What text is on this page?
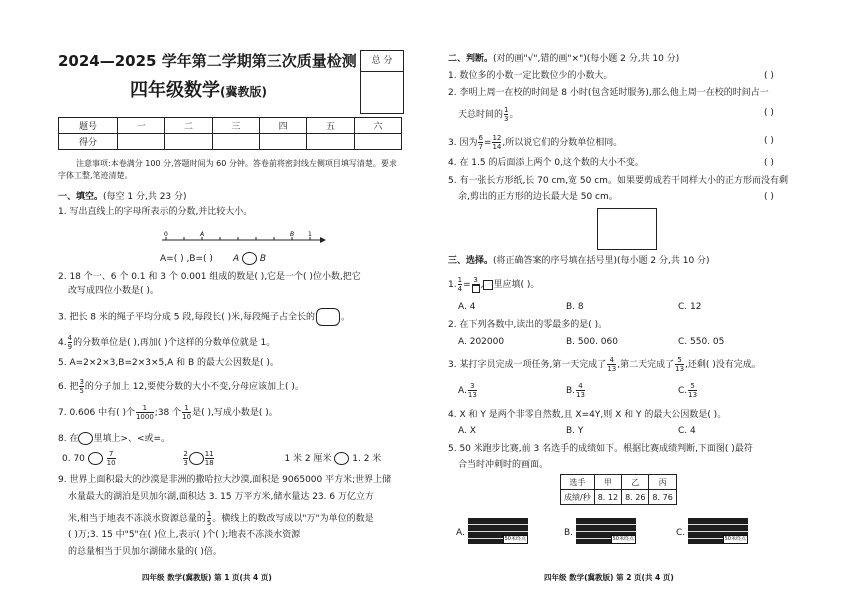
2024—2025 学年第二学期第三次质量检测
四年级数学(冀教版)
总 分
题号	一	二	三	四	五	六
得分						
注意事项:本卷满分 100 分,答题时间为 60 分钟。答卷前将密封线左侧项目填写清楚。要求
字体工整,笔迹清楚。
一、填空。(每空 1 分,共 23 分)
1. 写出直线上的字母所表示的分数,并比较大小。
0	A	B 1
A=( ) ,B=( ) A B
2. 18 个一、6 个 0.1 和 3 个 0.001 组成的数是( ),它是一个( )位小数,把它
改写成四位小数是( )。
3. 把长 8 米的绳子平均分成 5 段,每段长( )米,每段绳子占全长的	。
4. $\frac{4}{9}$ 的分数单位是( ),再加( )个这样的分数单位就是 1。
5. A=2×2×3,B=2×3×5,A 和 B 的最大公因数是( )。
6. 把 $\frac{3}{5}$ 的分子加上 12,要使分数的大小不变,分母应该加上( )。
7. 0.606 中有( )个 $\frac{1}{1000}$ ;38 个 $\frac{1}{10}$ 是( ),写成小数是( )。
8. 在 里填上>、<或=。
0. 70	$\frac{7}{10}$
	$\frac{2}{3} \frac{11}{18}$	1 米 2 厘米 1. 2 米
9. 世界上面积最大的沙漠是非洲的撒哈拉大沙漠,面积是 9065000 平方米;世界上储
水量最大的湖泊是贝加尔湖,面积达 3. 15 万平方米,储水量达 23. 6 万亿立方
米,相当于地表不冻淡水资源总量的 $\frac{1}{5}$ 。横线上的数改写成以"万"为单位的数是
( )万;3. 15 中"5"在( )位上,表示( )个( );地表不冻淡水资源
的总量相当于贝加尔湖储水量的( )倍。
四年级 数学(冀教版) 第 1 页(共 4 页)
二、判断。(对的画"√",错的画"×")(每小题 2 分,共 10 分)
1. 数位多的小数一定比数位少的小数大。	( )
2. 李明上周一在校的时间是 8 小时(包含延时服务),那么他上周一在校的时间占一
天总时间的 $\frac{1}{3}$ 。	( )
3. 因为 $\frac{6}{7} = \frac{12}{14}$ ,所以说它们的分数单位相同。	( )
4. 在 1.5 的后面添上两个 0,这个数的大小不变。	( )
5. 有一张长方形纸,长 70 cm,宽 50 cm。如果要剪成若干同样大小的正方形而没有剩
余,剪出的正方形的边长最大是 50 cm。	( )
三、选择。(将正确答案的序号填在括号里)(每小题 2 分,共 10 分)
1. $\frac{1}{4} = 3$ , 里应填( )。
A. 4	B. 8	C. 12
2. 在下列各数中,读出的零最多的是( )。
A. 202000	B. 500. 060	C. 550. 05
3. 某打字员完成一项任务,第一天完成了 $\frac{4}{13}$ ,第二天完成了 $\frac{5}{13}$ ,还剩( )没有完成。
A. $\frac{3}{13}$	B. $\frac{4}{13}$	C. $\frac{5}{13}$
4. X 和 Y 是两个非零自然数,且 X=4Y,则 X 和 Y 的最大公因数是( )。
A. X	B. Y	C. 4
5. 50 米跑步比赛,前 3 名选手的成绩如下。根据比赛成绩判断,下面图( )最符
合当时冲刺时的画面。
选手	甲	乙	丙
成绩/秒	8. 12	8. 26	8. 76
A.
50米终点
B.
50米终点
C.
50米终点
四年级 数学(冀教版) 第 2 页(共 4 页)
